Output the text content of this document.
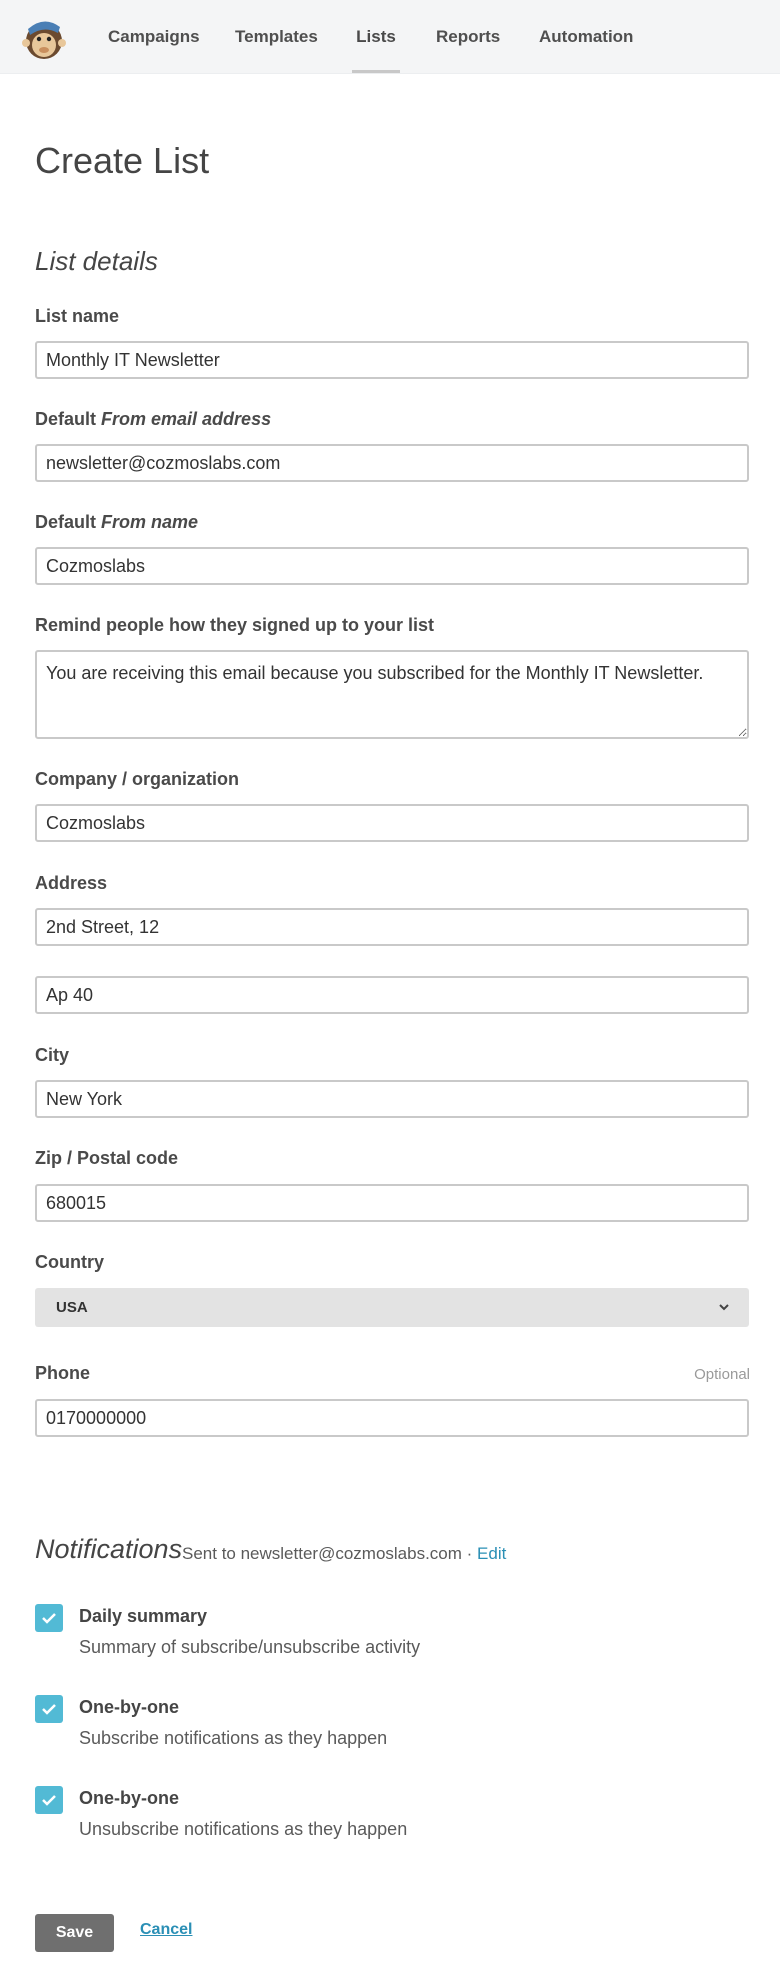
Campaigns Templates Lists Reports Automation
Create List
List details
List name
Monthly IT Newsletter
Default From email address
newsletter@cozmoslabs.com
Default From name
Cozmoslabs
Remind people how they signed up to your list
You are receiving this email because you subscribed for the Monthly IT Newsletter.
Company / organization
Cozmoslabs
Address
2nd Street, 12
Ap 40
City
New York
Zip / Postal code
680015
Country
USA
Phone	Optional
0170000000
Notifications Sent to newsletter@cozmoslabs.com · Edit
Daily summary
Summary of subscribe/unsubscribe activity
One-by-one
Subscribe notifications as they happen
One-by-one
Unsubscribe notifications as they happen
Save	Cancel
